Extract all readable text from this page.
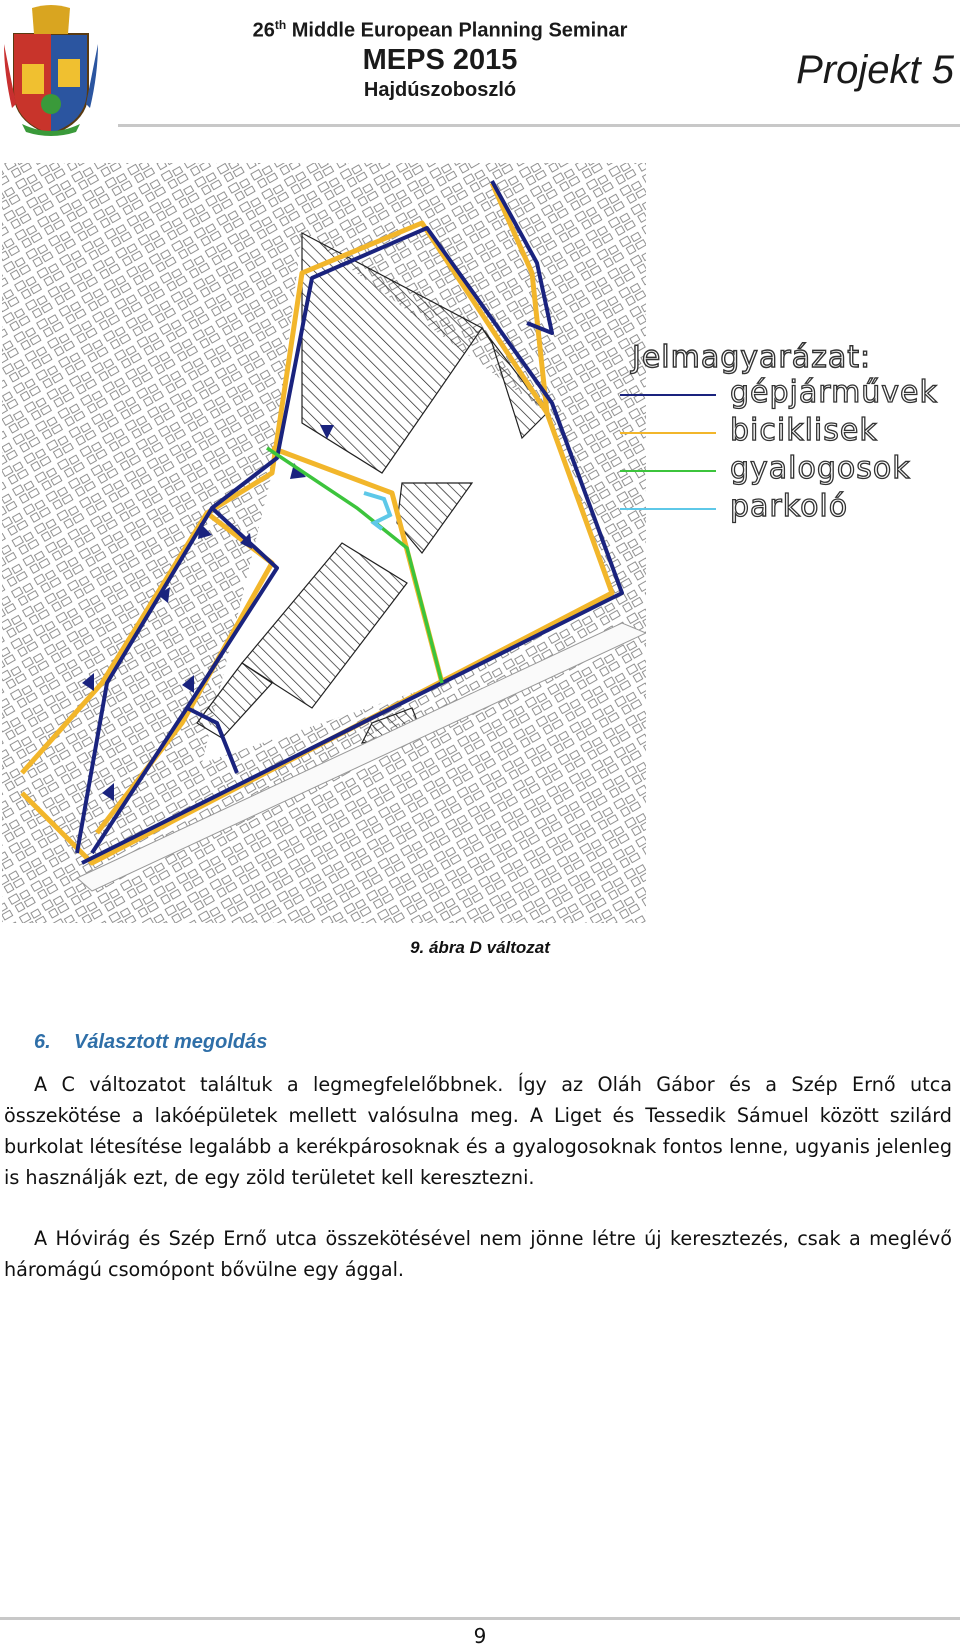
26th Middle European Planning Seminar
MEPS 2015
Hajdúszoboszló	Projekt 5
Jelmagyarázat:
gépjárművek
biciklisek
gyalogosok
parkoló
9. ábra D változat
6. Választott megoldás
A C változatot találtuk a legmegfelelőbbnek. Így az Oláh Gábor és a Szép Ernő utca összekötése a lakóépületek mellett valósulna meg. A Liget és Tessedik Sámuel között szilárd burkolat létesítése legalább a kerékpárosoknak és a gyalogosoknak fontos lenne, ugyanis jelenleg is használják ezt, de egy zöld területet kell keresztezni.
A Hóvirág és Szép Ernő utca összekötésével nem jönne létre új keresztezés, csak a meglévő háromágú csomópont bővülne egy ággal.
9
